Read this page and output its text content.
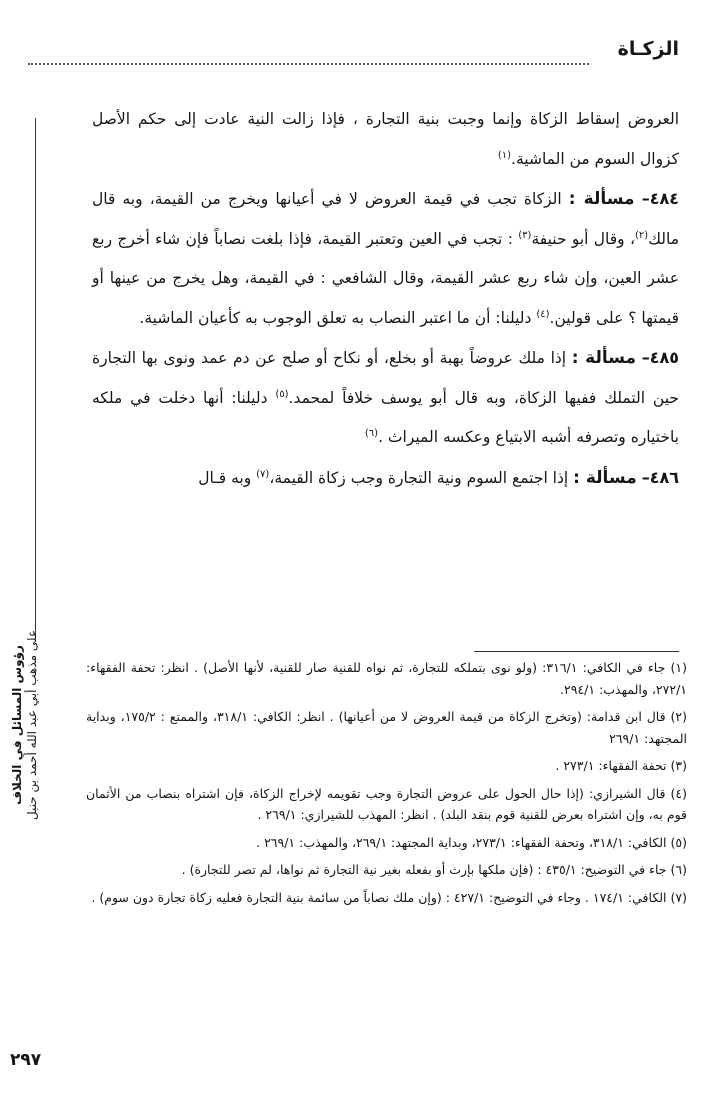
الزكـاة

العروض إسقاط الزكاة وإنما وجبت بنية التجارة ، فإذا زالت النية عادت إلى حكم الأصل كزوال السوم من الماشية.$^{(١)}$

٤٨٤– مسألة : الزكاة تجب في قيمة العروض لا في أعيانها ويخرج من القيمة، وبه قال مالك$^{(٢)}$، وقال أبو حنيفة$^{(٣)}$ : تجب في العين وتعتبر القيمة، فإذا بلغت نصاباً فإن شاء أخرج ربع عشر العين، وإن شاء ربع عشر القيمة، وقال الشافعي : في القيمة، وهل يخرج من عينها أو قيمتها ؟ على قولين.$^{(٤)}$ دليلنا: أن ما اعتبر النصاب به تعلق الوجوب به كأعيان الماشية.

٤٨٥– مسألة : إذا ملك عروضاً بهبة أو بخلع، أو نكاح أو صلح عن دم عمد ونوى بها التجارة حين التملك ففيها الزكاة، وبه قال أبو يوسف خلافاً لمحمد.$^{(٥)}$ دليلنا: أنها دخلت في ملكه باختياره وتصرفه أشبه الابتياع وعكسه الميراث .$^{(٦)}$

٤٨٦– مسألة : إذا اجتمع السوم ونية التجارة وجب زكاة القيمة،$^{(٧)}$ وبه قـال

(١) جاء في الكافي: ٣١٦/١: (ولو نوى بتملكه للتجارة، ثم نواه للقنية صار للقنية، لأنها الأصل) . انظر: تحفة الفقهاء: ٢٧٢/١، والمهذب: ٢٩٤/١.

(٢) قال ابن قدامة: (وتخرج الزكاة من قيمة العروض لا من أعيانها) . انظر: الكافي: ٣١٨/١، والممتع : ١٧٥/٢، وبداية المجتهد: ٢٦٩/١

(٣) تحفة الفقهاء: ٢٧٣/١ .

(٤) قال الشيرازي: (إذا حال الحول على عروض التجارة وجب تقويمه لإخراج الزكاة، فإن اشتراه بنصاب من الأثمان قوم به، وإن اشتراه بعرض للقنية قوم بنقد البلد) . انظر: المهذب للشيرازي: ٢٦٩/١ .

(٥) الكافي: ٣١٨/١، وتحفة الفقهاء: ٢٧٣/١، وبداية المجتهد: ٢٦٩/١، والمهذب: ٢٦٩/١ .

(٦) جاء في التوضيح: ٤٣٥/١ : (فإن ملكها بإرث أو بفعله بغير نية التجارة ثم نواها، لم تصر للتجارة) .

(٧) الكافي: ١٧٤/١ . وجاء في التوضيح: ٤٢٧/١ : (وإن ملك نصاباً من سائمة بنية التجارة فعليه زكاة تجارة دون سوم) .

رؤوس المسائل في الخلاف على مذهب أبي عبد الله أحمد بن حنبل
٢٩٧
